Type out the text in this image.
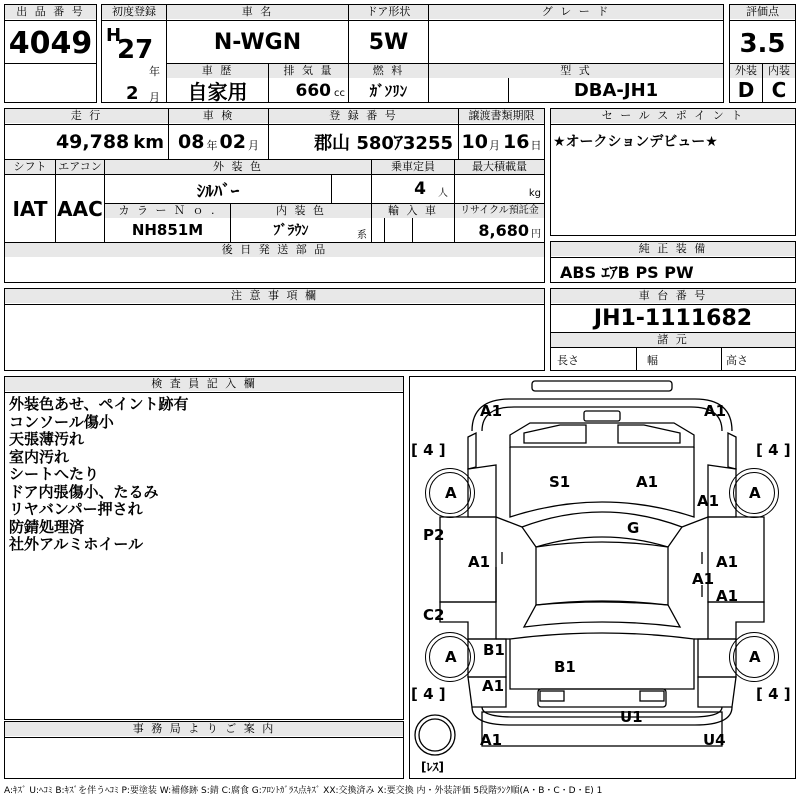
出 品 番 号
4049
初度登録
H
27
年
2 月
車 名
N-WGN
ドア形状
5W
グ レ ー ド
車 歴
自家用
排 気 量
660 cc
燃 料
ｶﾞｿﾘﾝ
型 式
DBA-JH1
評価点
3.5
外装	内装
D C
走 行
49,788 km
車 検
08 年 02 月
登 録 番 号
郡山 580ｱ3255
譲渡書類期限
10 月 16 日
シフト
IAT
エアコン
AAC
外 装 色
ｼﾙﾊﾞｰ
乗車定員
4 人
最大積載量
kg
カ ラ ー Ｎ ｏ .
NH851M
内 装 色
ﾌﾞﾗｳﾝ	系
輸 入 車	リサイクル預託金
8,680 円
後 日 発 送 部 品
セ ー ル ス ポ イ ン ト
★オークションデビュー★
純 正 装 備
ABS ｴｱB PS PW
注 意 事 項 欄	車 台 番 号
JH1-1111682
諸 元
長さ	幅	高さ
検 査 員 記 入 欄
外装色あせ、ペイント跡有
コンソール傷小
天張薄汚れ
室内汚れ
シートへたり
ドア内張傷小、たるみ
リヤバンパー押され
防錆処理済
社外アルミホイール
事 務 局 よ り ご 案 内
A	A
A	A
[ 4 ]	[ 4 ]
[ 4 ]	[ 4 ]
[ﾚｽ]
A1	A1
S1	A1
A1
P2	G
A1	A1
A1
A1
C2
B1
B1
A1
U1
A1	U4
A:ｷｽﾞ U:ﾍｺﾐ B:ｷｽﾞを伴うﾍｺﾐ P:要塗装 W:補修跡 S:錆 C:腐食 G:ﾌﾛﾝﾄｶﾞﾗｽ点ｷｽﾞ XX:交換済み X:要交換 内・外装評価 5段階ﾗﾝｸ順(A・B・C・D・E) 1
